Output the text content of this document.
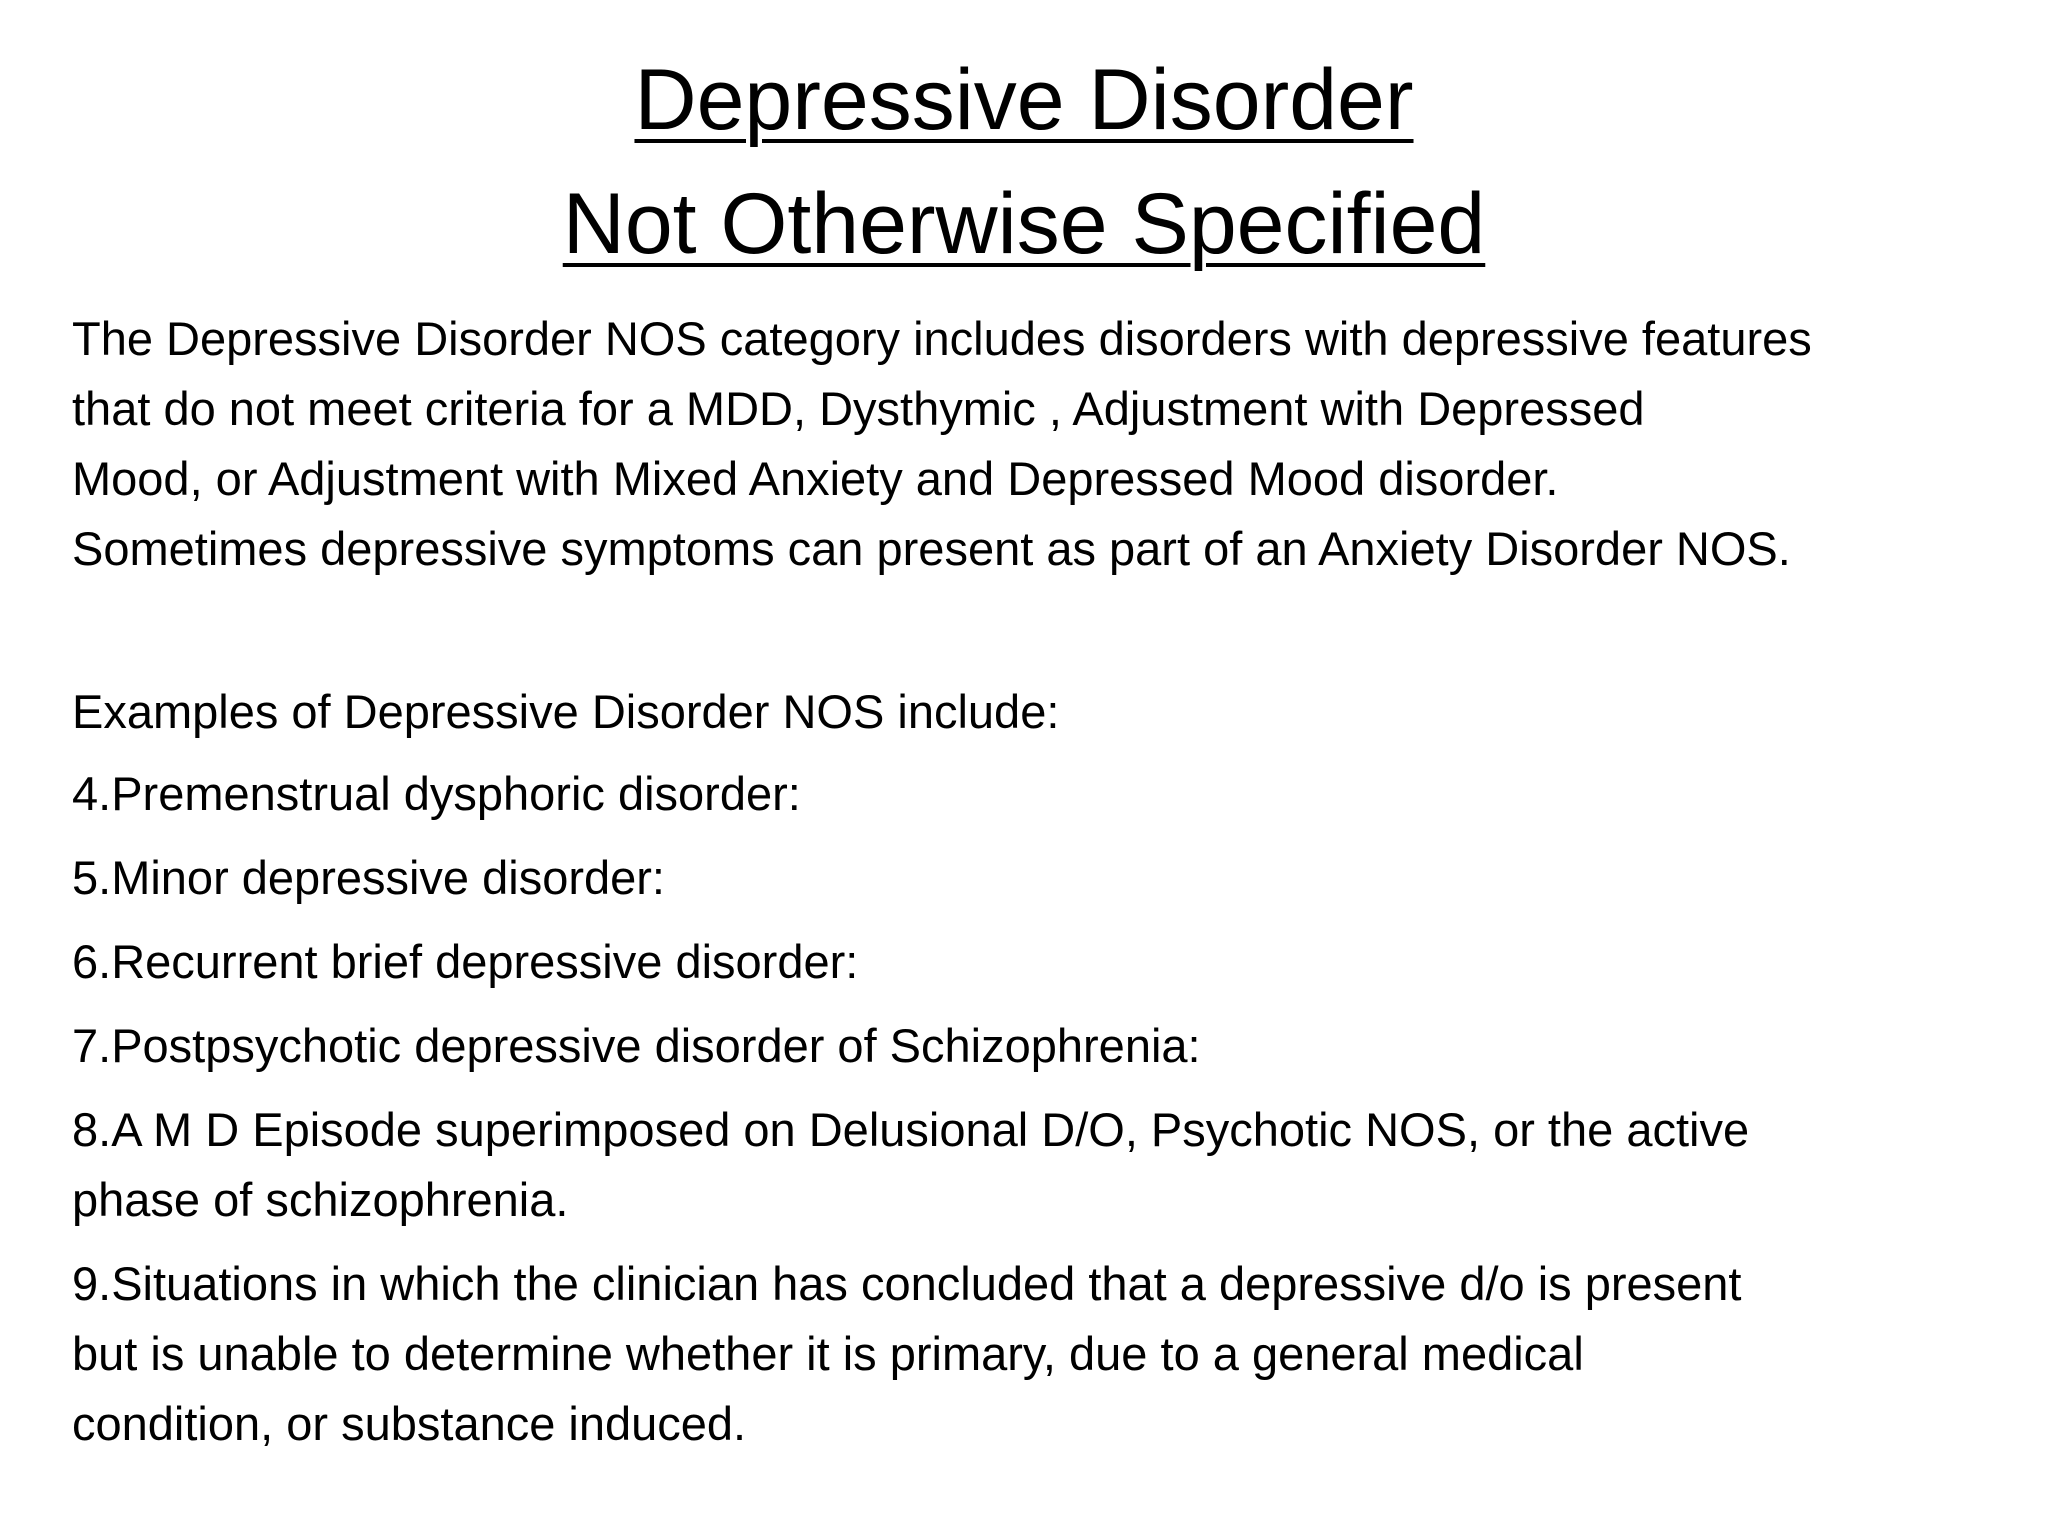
Depressive Disorder
Not Otherwise Specified

The Depressive Disorder NOS category includes disorders with depressive features
that do not meet criteria for a MDD, Dysthymic , Adjustment with Depressed
Mood, or Adjustment with Mixed Anxiety and Depressed Mood disorder.
Sometimes depressive symptoms can present as part of an Anxiety Disorder NOS.

Examples of Depressive Disorder NOS include:

4.Premenstrual dysphoric disorder:
5.Minor depressive disorder:
6.Recurrent brief depressive disorder:
7.Postpsychotic depressive disorder of Schizophrenia:
8.A M D Episode superimposed on Delusional D/O, Psychotic NOS, or the active
phase of schizophrenia.
9.Situations in which the clinician has concluded that a depressive d/o is present
but is unable to determine whether it is primary, due to a general medical
condition, or substance induced.
